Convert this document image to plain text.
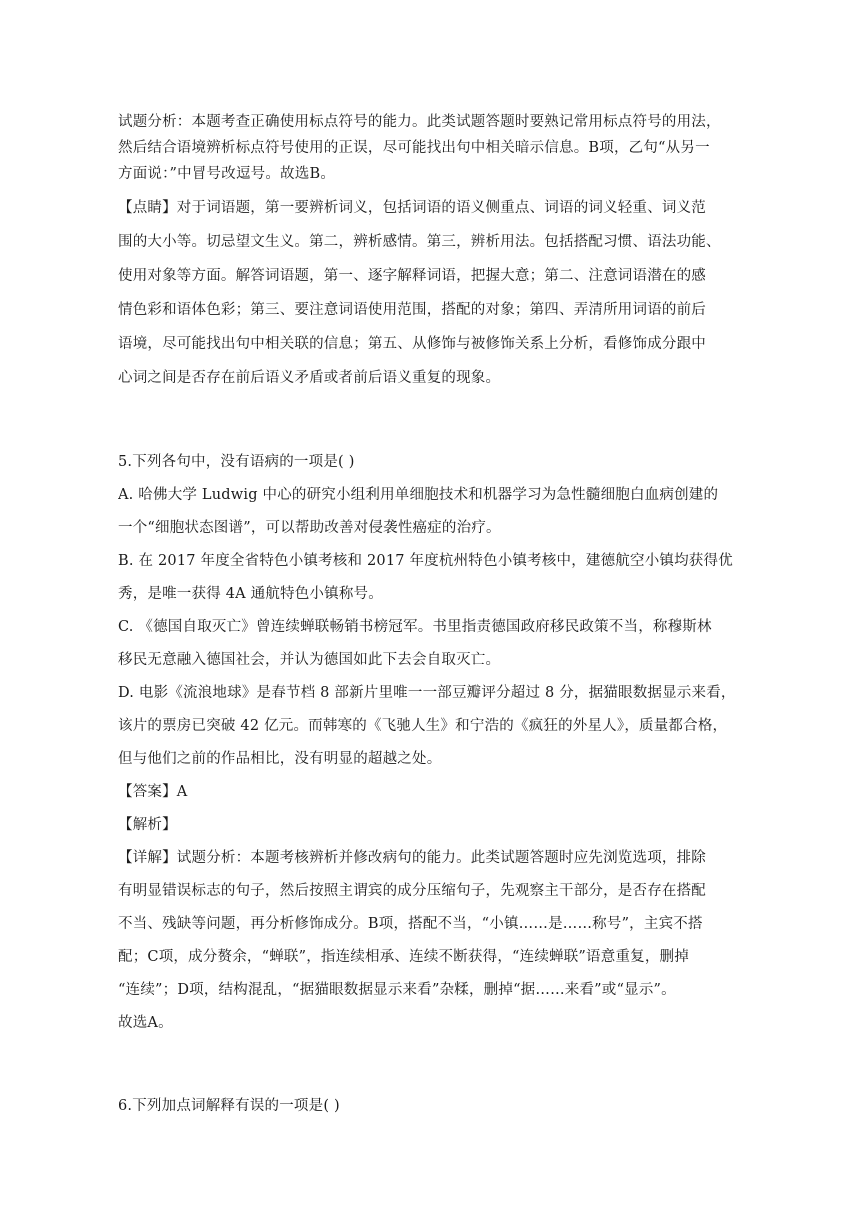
试题分析：本题考查正确使用标点符号的能力。此类试题答题时要熟记常用标点符号的用法，
然后结合语境辨析标点符号使用的正误，尽可能找出句中相关暗示信息。B项，乙句“从另一
方面说：”中冒号改逗号。故选B。
【点睛】对于词语题，第一要辨析词义，包括词语的语义侧重点、词语的词义轻重、词义范
围的大小等。切忌望文生义。第二，辨析感情。第三，辨析用法。包括搭配习惯、语法功能、
使用对象等方面。解答词语题，第一、逐字解释词语，把握大意；第二、注意词语潜在的感
情色彩和语体色彩；第三、要注意词语使用范围，搭配的对象；第四、弄清所用词语的前后
语境，尽可能找出句中相关联的信息；第五、从修饰与被修饰关系上分析，看修饰成分跟中
心词之间是否存在前后语义矛盾或者前后语义重复的现象。
5.下列各句中，没有语病的一项是( )
A. 哈佛大学 Ludwig 中心的研究小组利用单细胞技术和机器学习为急性髓细胞白血病创建的
一个“细胞状态图谱”，可以帮助改善对侵袭性癌症的治疗。
B. 在 2017 年度全省特色小镇考核和 2017 年度杭州特色小镇考核中，建德航空小镇均获得优
秀，是唯一获得 4A 通航特色小镇称号。
C. 《德国自取灭亡》曾连续蝉联畅销书榜冠军。书里指责德国政府移民政策不当，称穆斯林
移民无意融入德国社会，并认为德国如此下去会自取灭亡。
D. 电影《流浪地球》是春节档 8 部新片里唯一一部豆瓣评分超过 8 分，据猫眼数据显示来看，
该片的票房已突破 42 亿元。而韩寒的《飞驰人生》和宁浩的《疯狂的外星人》，质量都合格，
但与他们之前的作品相比，没有明显的超越之处。
【答案】A
【解析】
【详解】试题分析：本题考核辨析并修改病句的能力。此类试题答题时应先浏览选项，排除
有明显错误标志的句子，然后按照主谓宾的成分压缩句子，先观察主干部分，是否存在搭配
不当、残缺等问题，再分析修饰成分。B项，搭配不当，“小镇……是……称号”，主宾不搭
配；C项，成分赘余，“蝉联”，指连续相承、连续不断获得，“连续蝉联”语意重复，删掉
“连续”；D项，结构混乱，“据猫眼数据显示来看”杂糅，删掉“据……来看”或“显示”。
故选A。
6.下列加点词解释有误的一项是( )
